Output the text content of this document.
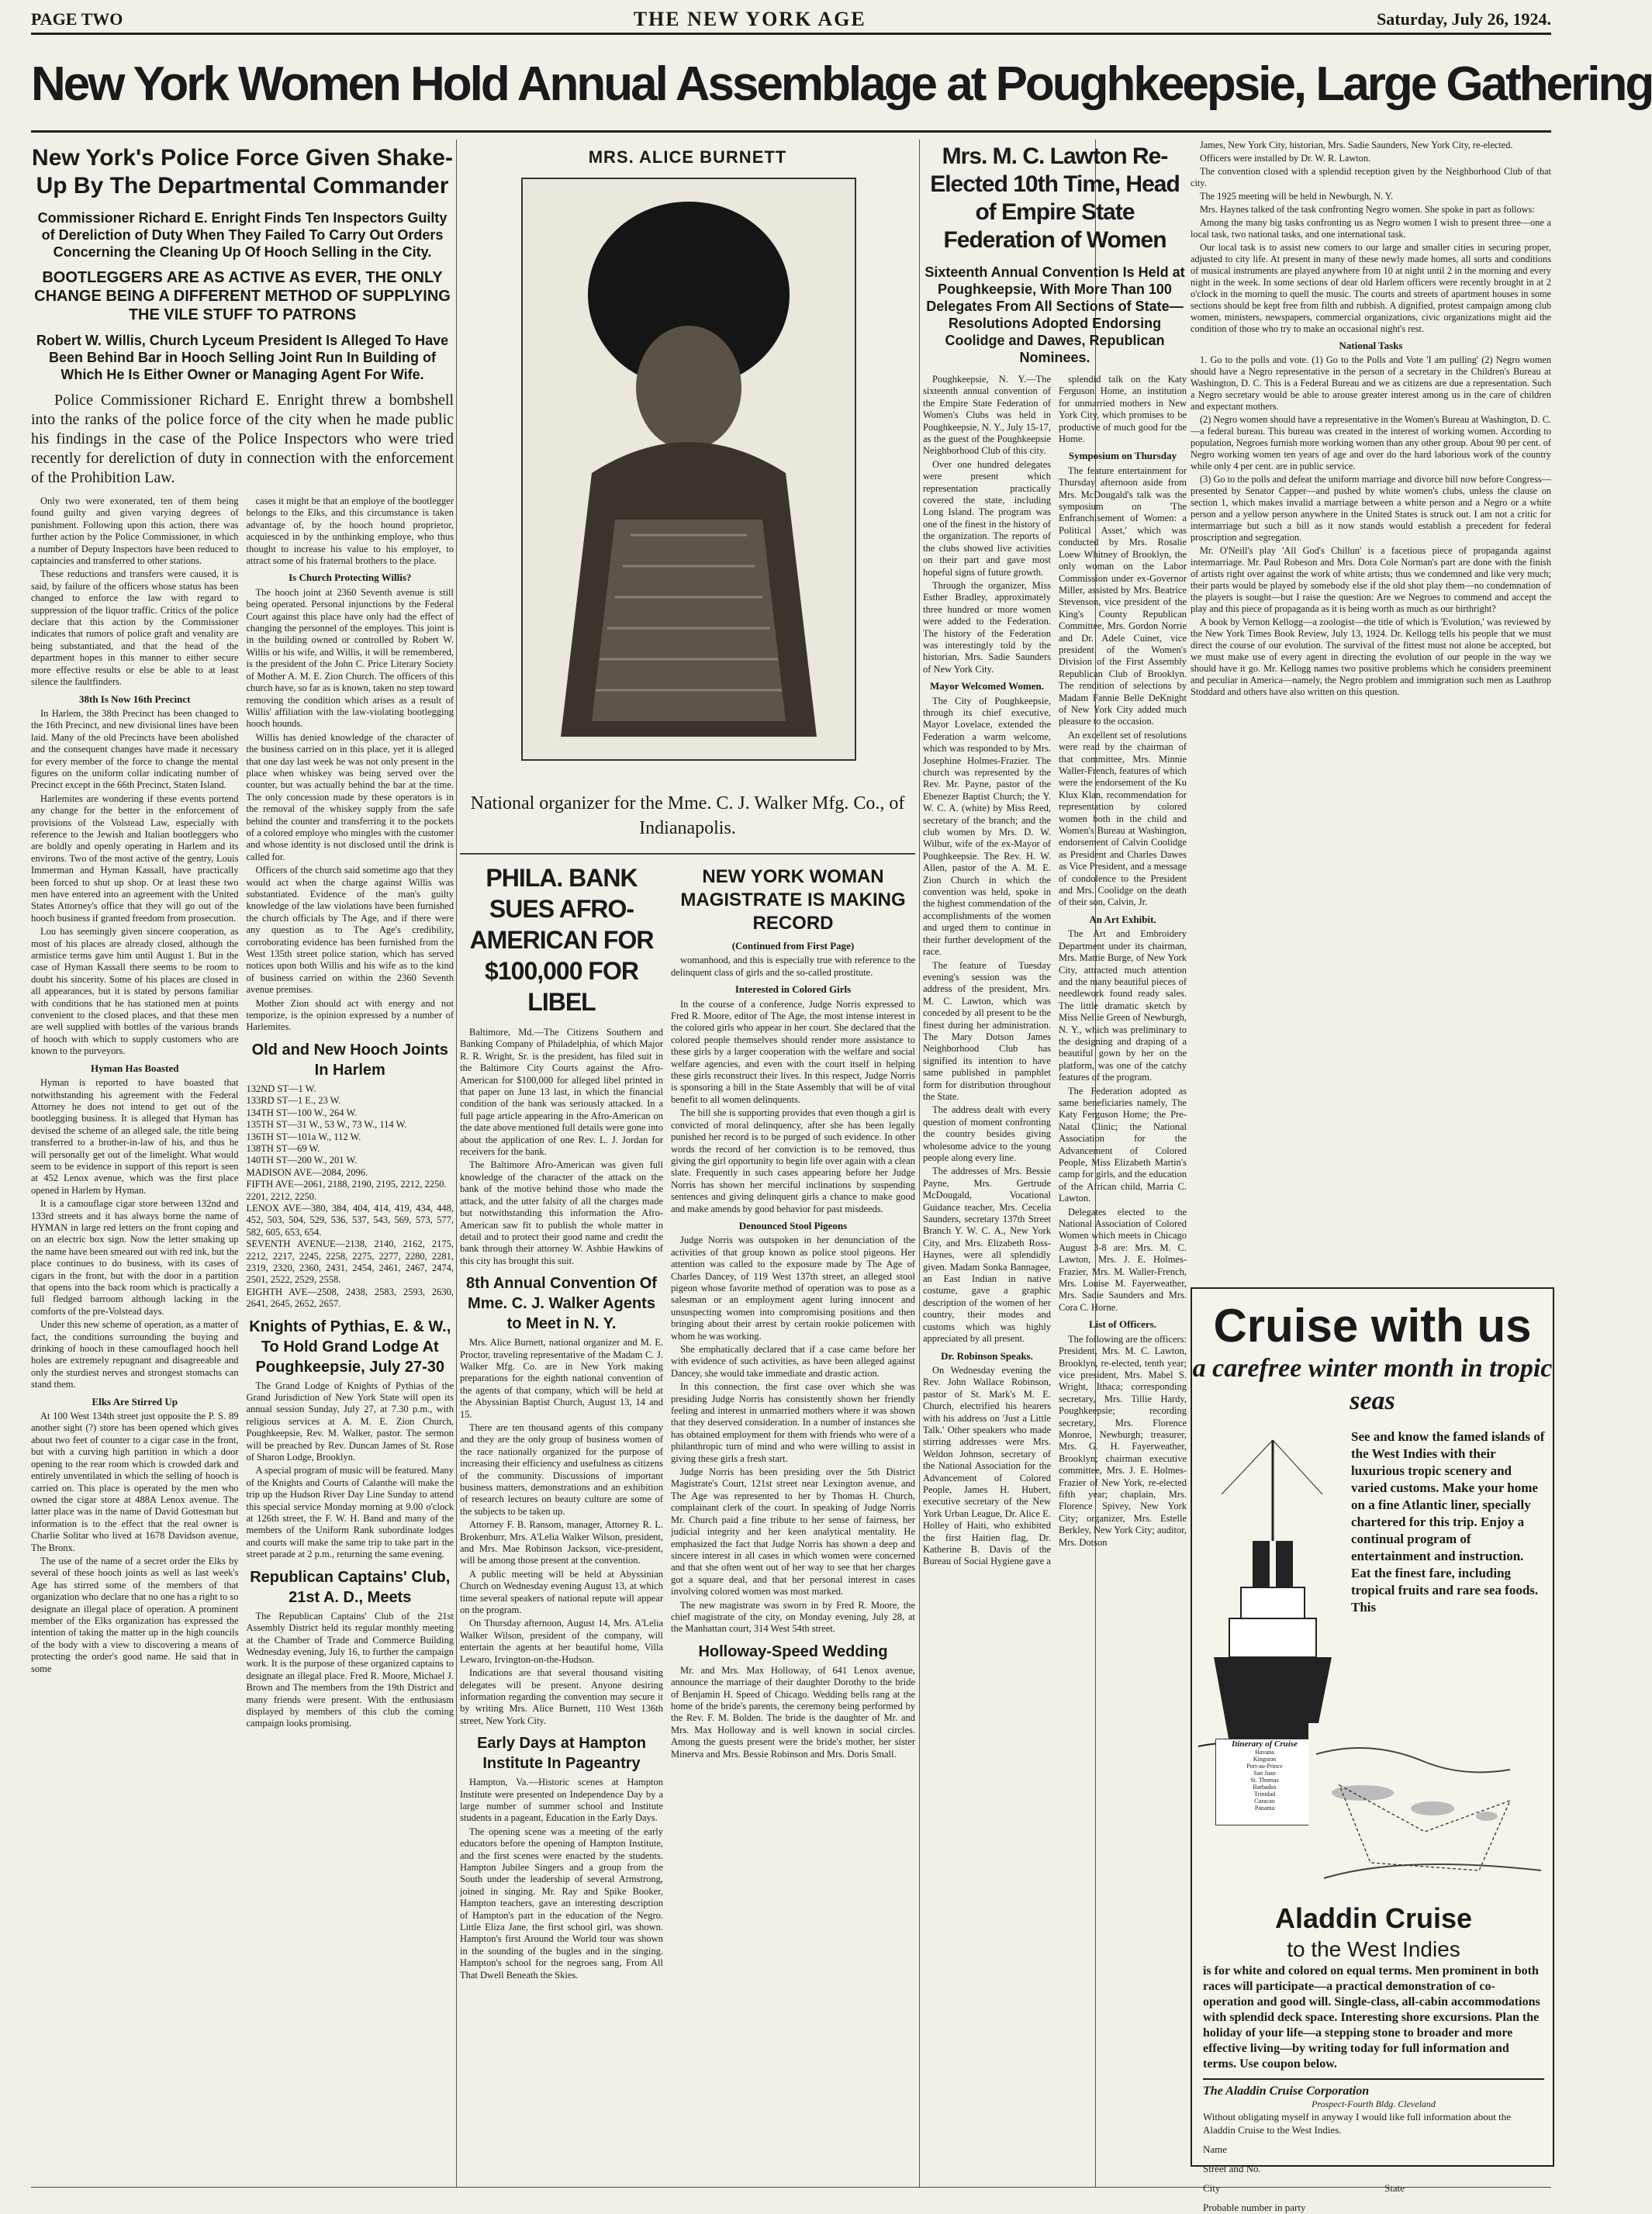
PAGE TWO	THE NEW YORK AGE	Saturday, July 26, 1924.
New York Women Hold Annual Assemblage at Poughkeepsie, Large Gathering
New York's Police Force Given Shake-Up By The Departmental Commander
Commissioner Richard E. Enright Finds Ten Inspectors Guilty of Dereliction of Duty When They Failed To Carry Out Orders Concerning the Cleaning Up Of Hooch Selling in the City.
BOOTLEGGERS ARE AS ACTIVE AS EVER, THE ONLY CHANGE BEING A DIFFERENT METHOD OF SUPPLYING THE VILE STUFF TO PATRONS
Robert W. Willis, Church Lyceum President Is Alleged To Have Been Behind Bar in Hooch Selling Joint Run In Building of Which He Is Either Owner or Managing Agent For Wife.
Police Commissioner Richard E. Enright threw a bombshell into the ranks of the police force of the city when he made public his findings in the case of the Police Inspectors who were tried recently for dereliction of duty in connection with the enforcement of the Prohibition Law.

Only two were exonerated, ten of them being found guilty and given varying degrees of punishment. Following upon this action, there was further action by the Police Commissioner, in which a number of Deputy Inspectors have been reduced to captaincies and transferred to other stations.

These reductions and transfers were caused, it is said, by failure of the officers whose status has been changed to enforce the law with regard to suppression of the liquor traffic. Critics of the police declare that this action by the Commissioner indicates that rumors of police graft and venality are being substantiated, and that the head of the department hopes in this manner to either secure more effective results or else be able to at least silence the faultfinders.

38th Is Now 16th Precinct

In Harlem, the 38th Precinct has been changed to the 16th Precinct, and new divisional lines have been laid. Many of the old Precincts have been abolished and the consequent changes have made it necessary for every member of the force to change the mental figures on the uniform collar indicating number of Precinct except in the 66th Precinct, Staten Island.

Harlemites are wondering if these events portend any change for the better in the enforcement of provisions of the Volstead Law, especially with reference to the Jewish and Italian bootleggers who are boldly and openly operating in Harlem and its environs. Two of the most active of the gentry, Louis Immerman and Hyman Kassall, have practically been forced to shut up shop. Or at least these two men have entered into an agreement with the United States Attorney's office that they will go out of the hooch business if granted freedom from prosecution.

Lou has seemingly given sincere cooperation, as most of his places are already closed, although the armistice terms gave him until August 1. But in the case of Hyman Kassall there seems to be room to doubt his sincerity. Some of his places are closed in all appearances, but it is stated by persons familiar with conditions that he has stationed men at points convenient to the closed places, and that these men are well supplied with bottles of the various brands of hooch with which to supply customers who are known to the purveyors.

Hyman Has Boasted

Hyman is reported to have boasted that notwithstanding his agreement with the Federal Attorney he does not intend to get out of the bootlegging business. It is alleged that Hyman has devised the scheme of an alleged sale, the title being transferred to a brother-in-law of his, and thus he will personally get out of the limelight. What would seem to be evidence in support of this report is seen at 452 Lenox avenue, which was the first place opened in Harlem by Hyman.

It is a camouflage cigar store between 132nd and 133rd streets and it has always borne the name of HYMAN in large red letters on the front coping and on an electric box sign. Now the letter smaking up the name have been smeared out with red ink, but the place continues to do business, with its cases of cigars in the front, but with the door in a partition that opens into the back room which is practically a full fledged barroom although lacking in the comforts of the pre-Volstead days.

Under this new scheme of operation, as a matter of fact, the conditions surrounding the buying and drinking of hooch in these camouflaged hooch hell holes are extremely repugnant and disagreeable and only the sturdiest nerves and strongest stomachs can stand them.

Elks Are Stirred Up

At 100 West 134th street just opposite the P. S. 89 another sight (?) store has been opened which gives about two feet of counter to a cigar case in the front, but with a curving high partition in which a door opening to the rear room which is crowded dark and entirely unventilated in which the selling of hooch is carried on. This place is operated by the men who owned the cigar store at 488A Lenox avenue. The latter place was in the name of David Gottesman but information is to the effect that the real owner is Charlie Solitar who lived at 1678 Davidson avenue, The Bronx.

The use of the name of a secret order the Elks by several of these hooch joints as well as last week's Age has stirred some of the members of that organization who declare that no one has a right to so designate an illegal place of operation. A prominent member of the Elks organization has expressed the intention of taking the matter up in the high councils of the body with a view to discovering a means of protecting the order's good name. He said that in some

cases it might be that an employe of the bootlegger belongs to the Elks, and this circumstance is taken advantage of, by the hooch hound proprietor, acquiesced in by the unthinking employe, who thus thought to increase his value to his employer, to attract some of his fraternal brothers to the place.

Is Church Protecting Willis?

The hooch joint at 2360 Seventh avenue is still being operated. Personal injunctions by the Federal Court against this place have only had the effect of changing the personnel of the employes. This joint is in the building owned or controlled by Robert W. Willis or his wife, and Willis, it will be remembered, is the president of the John C. Price Literary Society of Mother A. M. E. Zion Church. The officers of this church have, so far as is known, taken no step toward removing the condition which arises as a result of Willis' affiliation with the law-violating bootlegging hooch hounds.

Willis has denied knowledge of the character of the business carried on in this place, yet it is alleged that one day last week he was not only present in the place when whiskey was being served over the counter, but was actually behind the bar at the time. The only concession made by these operators is in the removal of the whiskey supply from the safe behind the counter and transferring it to the pockets of a colored employe who mingles with the customer and whose identity is not disclosed until the drink is called for.

Officers of the church said sometime ago that they would act when the charge against Willis was substantiated. Evidence of the man's guilty knowledge of the law violations have been furnished the church officials by The Age, and if there were any question as to The Age's credibility, corroborating evidence has been furnished from the West 135th street police station, which has served notices upon both Willis and his wife as to the kind of business carried on within the 2360 Seventh avenue premises.

Mother Zion should act with energy and not temporize, is the opinion expressed by a number of Harlemites.

Old and New Hooch Joints In Harlem
132ND ST—1 W.
133RD ST—1 E., 23 W.
134TH ST—100 W., 264 W.
135TH ST—31 W., 53 W., 73 W., 114 W.
136TH ST—101a W., 112 W.
138TH ST—69 W.
140TH ST—200 W., 201 W.
MADISON AVE—2084, 2096.
FIFTH AVE—2061, 2188, 2190, 2195, 2212, 2250.
2201, 2212, 2250.
LENOX AVE—380, 384, 404, 414, 419, 434, 448, 452, 503, 504, 529, 536, 537, 543, 569, 573, 577, 582, 605, 653, 654.
SEVENTH AVENUE—2138, 2140, 2162, 2175, 2212, 2217, 2245, 2258, 2275, 2277, 2280, 2281, 2319, 2320, 2360, 2431, 2454, 2461, 2467, 2474, 2501, 2522, 2529, 2558.
EIGHTH AVE—2508, 2438, 2583, 2593, 2630, 2641, 2645, 2652, 2657.
Knights of Pythias, E. & W., To Hold Grand Lodge At Poughkeepsie, July 27-30

The Grand Lodge of Knights of Pythias of the Grand Jurisdiction of New York State will open its annual session Sunday, July 27, at 7.30 p.m., with religious services at A. M. E. Zion Church, Poughkeepsie, Rev. M. Walker, pastor. The sermon will be preached by Rev. Duncan James of St. Rose of Sharon Lodge, Brooklyn.

A special program of music will be featured. Many of the Knights and Courts of Calanthe will make the trip up the Hudson River Day Line Sunday to attend this special service Monday morning at 9.00 o'clock at 126th street, the F. W. H. Band and many of the members of the Uniform Rank subordinate lodges and courts will make the same trip to take part in the street parade at 2 p.m., returning the same evening.

Republican Captains' Club, 21st A. D., Meets

The Republican Captains' Club of the 21st Assembly District held its regular monthly meeting at the Chamber of Trade and Commerce Building Wednesday evening, July 16, to further the campaign work. It is the purpose of these organized captains to designate an illegal place. Fred R. Moore, Michael J. Brown and The members from the 19th District and many friends were present. With the enthusiasm displayed by members of this club the coming campaign looks promising.

MRS. ALICE BURNETT
National organizer for the Mme. C. J. Walker Mfg. Co., of Indianapolis.
PHILA. BANK SUES AFRO-AMERICAN FOR $100,000 FOR LIBEL

Baltimore, Md.—The Citizens Southern and Banking Company of Philadelphia, of which Major R. R. Wright, Sr. is the president, has filed suit in the Baltimore City Courts against the Afro-American for $100,000 for alleged libel printed in that paper on June 13 last, in which the financial condition of the bank was seriously attacked. In a full page article appearing in the Afro-American on the date above mentioned full details were gone into about the application of one Rev. L. J. Jordan for receivers for the bank.

The Baltimore Afro-American was given full knowledge of the character of the attack on the bank of the motive behind those who made the attack, and the utter falsity of all the charges made but notwithstanding this information the Afro-American saw fit to publish the whole matter in detail and to protect their good name and credit the bank through their attorney W. Ashbie Hawkins of this city has brought this suit.

8th Annual Convention Of Mme. C. J. Walker Agents to Meet in N. Y.

Mrs. Alice Burnett, national organizer and M. E. Proctor, traveling representative of the Madam C. J. Walker Mfg. Co. are in New York making preparations for the eighth national convention of the agents of that company, which will be held at the Abyssinian Baptist Church, August 13, 14 and 15.

There are ten thousand agents of this company and they are the only group of business women of the race nationally organized for the purpose of increasing their efficiency and usefulness as citizens of the community. Discussions of important business matters, demonstrations and an exhibition of research lectures on beauty culture are some of the subjects to be taken up.

Attorney F. B. Ransom, manager, Attorney R. L. Brokenburr, Mrs. A'Lelia Walker Wilson, president, and Mrs. Mae Robinson Jackson, vice-president, will be among those present at the convention.

A public meeting will be held at Abyssinian Church on Wednesday evening August 13, at which time several speakers of national repute will appear on the program.

On Thursday afternoon, August 14, Mrs. A'Lelia Walker Wilson, president of the company, will entertain the agents at her beautiful home, Villa Lewaro, Irvington-on-the-Hudson.

Indications are that several thousand visiting delegates will be present. Anyone desiring information regarding the convention may secure it by writing Mrs. Alice Burnett, 110 West 136th street, New York City.

Early Days at Hampton Institute In Pageantry

Hampton, Va.—Historic scenes at Hampton Institute were presented on Independence Day by a large number of summer school and Institute students in a pageant, Education in the Early Days.

The opening scene was a meeting of the early educators before the opening of Hampton Institute, and the first scenes were enacted by the students. Hampton Jubilee Singers and a group from the South under the leadership of several Armstrong, joined in singing. Mr. Ray and Spike Booker, Hampton teachers, gave an interesting description of Hampton's part in the education of the Negro. Little Eliza Jane, the first school girl, was shown. Hampton's first Around the World tour was shown in the sounding of the bugles and in the singing. Hampton's school for the negroes sang, From All That Dwell Beneath the Skies.

NEW YORK WOMAN MAGISTRATE IS MAKING RECORD
(Continued from First Page)

womanhood, and this is especially true with reference to the delinquent class of girls and the so-called prostitute.

Interested in Colored Girls

In the course of a conference, Judge Norris expressed to Fred R. Moore, editor of The Age, the most intense interest in the colored girls who appear in her court. She declared that the colored people themselves should render more assistance to these girls by a larger cooperation with the welfare and social welfare agencies, and even with the court itself in helping these girls reconstruct their lives. In this respect, Judge Norris is sponsoring a bill in the State Assembly that will be of vital benefit to all women delinquents.

The bill she is supporting provides that even though a girl is convicted of moral delinquency, after she has been legally punished her record is to be purged of such evidence. In other words the record of her conviction is to be removed, thus giving the girl opportunity to begin life over again with a clean slate. Frequently in such cases appearing before her Judge Norris has shown her merciful inclinations by suspending sentences and giving delinquent girls a chance to make good and make amends by good behavior for past misdeeds.

Denounced Stool Pigeons

Judge Norris was outspoken in her denunciation of the activities of that group known as police stool pigeons. Her attention was called to the exposure made by The Age of Charles Dancey, of 119 West 137th street, an alleged stool pigeon whose favorite method of operation was to pose as a salesman or an employment agent luring innocent and unsuspecting women into compromising positions and then bringing about their arrest by certain rookie policemen with whom he was working.

She emphatically declared that if a case came before her with evidence of such activities, as have been alleged against Dancey, she would take immediate and drastic action.

In this connection, the first case over which she was presiding Judge Norris has consistently shown her friendly feeling and interest in unmarried mothers where it was shown that they deserved consideration. In a number of instances she has obtained employment for them with friends who were of a philanthropic turn of mind and who were willing to assist in giving these girls a fresh start.

Judge Norris has been presiding over the 5th District Magistrate's Court, 121st street near Lexington avenue, and The Age was represented to her by Thomas H. Church, complainant clerk of the court. In speaking of Judge Norris Mr. Church paid a fine tribute to her sense of fairness, her judicial integrity and her keen analytical mentality. He emphasized the fact that Judge Norris has shown a deep and sincere interest in all cases in which women were concerned and that she often went out of her way to see that her charges got a square deal, and that her personal interest in cases involving colored women was most marked.

The new magistrate was sworn in by Fred R. Moore, the chief magistrate of the city, on Monday evening, July 28, at the Manhattan court, 314 West 54th street.

Holloway-Speed Wedding

Mr. and Mrs. Max Holloway, of 641 Lenox avenue, announce the marriage of their daughter Dorothy to the bride of Benjamin H. Speed of Chicago. Wedding bells rang at the home of the bride's parents, the ceremony being performed by the Rev. F. M. Bolden. The bride is the daughter of Mr. and Mrs. Max Holloway and is well known in social circles. Among the guests present were the bride's mother, her sister Minerva and Mrs. Bessie Robinson and Mrs. Doris Small.

Mrs. M. C. Lawton Re-Elected 10th Time, Head of Empire State Federation of Women
Sixteenth Annual Convention Is Held at Poughkeepsie, With More Than 100 Delegates From All Sections of State—Resolutions Adopted Endorsing Coolidge and Dawes, Republican Nominees.

Poughkeepsie, N. Y.—The sixteenth annual convention of the Empire State Federation of Women's Clubs was held in Poughkeepsie, N. Y., July 15-17, as the guest of the Poughkeepsie Neighborhood Club of this city.

Over one hundred delegates were present which representation practically covered the state, including Long Island. The program was one of the finest in the history of the organization. The reports of the clubs showed live activities on their part and gave most hopeful signs of future growth.

Through the organizer, Miss Esther Bradley, approximately three hundred or more women were added to the Federation. The history of the Federation was interestingly told by the historian, Mrs. Sadie Saunders of New York City.

Mayor Welcomed Women.

The City of Poughkeepsie, through its chief executive, Mayor Lovelace, extended the Federation a warm welcome, which was responded to by Mrs. Josephine Holmes-Frazier. The church was represented by the Rev. Mr. Payne, pastor of the Ebenezer Baptist Church; the Y. W. C. A. (white) by Miss Reed, secretary of the branch; and the club women by Mrs. D. W. Wilbur, wife of the ex-Mayor of Poughkeepsie. The Rev. H. W. Allen, pastor of the A. M. E. Zion Church in which the convention was held, spoke in the highest commendation of the accomplishments of the women and urged them to continue in their further development of the race.

The feature of Tuesday evening's session was the address of the president, Mrs. M. C. Lawton, which was conceded by all present to be the finest during her administration. The Mary Dotson James Neighborhood Club has signified its intention to have same published in pamphlet form for distribution throughout the State.

The address dealt with every question of moment confronting the country besides giving wholesome advice to the young people along every line.

The addresses of Mrs. Bessie Payne, Mrs. Gertrude McDougald, Vocational Guidance teacher, Mrs. Cecelia Saunders, secretary 137th Street Branch Y. W. C. A., New York City, and Mrs. Elizabeth Ross-Haynes, were all splendidly given. Madam Sonka Bannagee, an East Indian in native costume, gave a graphic description of the women of her country, their modes and customs which was highly appreciated by all present.

Dr. Robinson Speaks.

On Wednesday evening the Rev. John Wallace Robinson, pastor of St. Mark's M. E. Church, electrified his hearers with his address on 'Just a Little Talk.' Other speakers who made stirring addresses were Mrs. Weldon Johnson, secretary of the National Association for the Advancement of Colored People, James H. Hubert, executive secretary of the New York Urban League, Dr. Alice E. Holley of Haiti, who exhibited the first Haitien flag, Dr. Katherine B. Davis of the Bureau of Social Hygiene gave a

splendid talk on the Katy Ferguson Home, an institution for unmarried mothers in New York City, which promises to be productive of much good for the Home.

Symposium on Thursday

The feature entertainment for Thursday afternoon aside from Mrs. McDougald's talk was the symposium on 'The Enfranchisement of Women: a Political Asset,' which was conducted by Mrs. Rosalie Loew Whitney of Brooklyn, the only woman on the Labor Commission under ex-Governor Miller, assisted by Mrs. Beatrice Stevenson, vice president of the King's County Republican Committee, Mrs. Gordon Norrie and Dr. Adele Cuinet, vice president of the Women's Division of the First Assembly Republican Club of Brooklyn. The rendition of selections by Madam Fannie Belle DeKnight of New York City added much pleasure to the occasion.

An excellent set of resolutions were read by the chairman of that committee, Mrs. Minnie Waller-French, features of which were the endorsement of the Ku Klux Klan, recommendation for representation by colored women both in the child and Women's Bureau at Washington, endorsement of Calvin Coolidge as President and Charles Dawes as Vice President, and a message of condolence to the President and Mrs. Coolidge on the death of their son, Calvin, Jr.

An Art Exhibit.

The Art and Embroidery Department under its chairman, Mrs. Mattie Burge, of New York City, attracted much attention and the many beautiful pieces of needlework found ready sales. The little dramatic sketch by Miss Nellie Green of Newburgh, N. Y., which was preliminary to the designing and draping of a beautiful gown by her on the platform, was one of the catchy features of the program.

The Federation adopted as same beneficiaries namely, The Katy Ferguson Home; the Pre-Natal Clinic; the National Association for the Advancement of Colored People, Miss Elizabeth Martin's camp for girls, and the education of the African child, Marria C. Lawton.

Delegates elected to the National Association of Colored Women which meets in Chicago August 3-8 are: Mrs. M. C. Lawton, Mrs. J. E. Holmes-Frazier, Mrs. M. Waller-French, Mrs. Louise M. Fayerweather, Mrs. Sadie Saunders and Mrs. Cora C. Horne.

List of Officers.

The following are the officers: President, Mrs. M. C. Lawton, Brooklyn, re-elected, tenth year; vice president, Mrs. Mabel S. Wright, Ithaca; corresponding secretary, Mrs. Tillie Hardy, Poughkeepsie; recording secretary, Mrs. Florence Monroe, Newburgh; treasurer, Mrs. G. H. Fayerweather, Brooklyn; chairman executive committee, Mrs. J. E. Holmes-Frazier of New York, re-elected fifth year; chaplain, Mrs. Florence Spivey, New York City; organizer, Mrs. Estelle Berkley, New York City; auditor, Mrs. Dotson

James, New York City, historian, Mrs. Sadie Saunders, New York City, re-elected.

Officers were installed by Dr. W. R. Lawton.

The convention closed with a splendid reception given by the Neighborhood Club of that city.

The 1925 meeting will be held in Newburgh, N. Y.

Mrs. Haynes talked of the task confronting Negro women. She spoke in part as follows:

Among the many big tasks confronting us as Negro women I wish to present three—one a local task, two national tasks, and one international task.

Our local task is to assist new comers to our large and smaller cities in securing proper, adjusted to city life. At present in many of these newly made homes, all sorts and conditions of musical instruments are played anywhere from 10 at night until 2 in the morning and every night in the week. In some sections of dear old Harlem officers were recently brought in at 2 o'clock in the morning to quell the music. The courts and streets of apartment houses in some sections should be kept free from filth and rubbish. A dignified, protest campaign among club women, ministers, newspapers, commercial organizations, civic organizations might aid the condition of those who try to make an occasional night's rest.

National Tasks

1. Go to the polls and vote. (1) Go to the Polls and Vote 'I am pulling' (2) Negro women should have a Negro representative in the person of a secretary in the Children's Bureau at Washington, D. C. This is a Federal Bureau and we as citizens are due a representation. Such a Negro secretary would be able to arouse greater interest among us in the care of children and expectant mothers.

(2) Negro women should have a representative in the Women's Bureau at Washington, D. C.—a federal bureau. This bureau was created in the interest of working women. According to population, Negroes furnish more working women than any other group. About 90 per cent. of Negro working women ten years of age and over do the hard laborious work of the country while only 4 per cent. are in public service.

(3) Go to the polls and defeat the uniform marriage and divorce bill now before Congress—presented by Senator Capper—and pushed by white women's clubs, unless the clause on section 1, which makes invalid a marriage between a white person and a Negro or a white person and a yellow person anywhere in the United States is struck out. I am not a critic for intermarriage but such a bill as it now stands would establish a precedent for federal proscription and segregation.

Mr. O'Neill's play 'All God's Chillun' is a facetious piece of propaganda against intermarriage. Mr. Paul Robeson and Mrs. Dora Cole Norman's part are done with the finish of artists right over against the work of white artists; thus we condemned and like very much; their parts would be played by somebody else if the old shot play them—no condemnation of the players is sought—but I raise the question: Are we Negroes to commend and accept the play and this piece of propaganda as it is being worth as much as our birthright?

A book by Vernon Kellogg—a zoologist—the title of which is 'Evolution,' was reviewed by the New York Times Book Review, July 13, 1924. Dr. Kellogg tells his people that we must direct the course of our evolution. The survival of the fittest must not alone be accepted, but we must make use of every agent in directing the evolution of our people in the way we should have it go. Mr. Kellogg names two positive problems which he considers preeminent and peculiar in America—namely, the Negro problem and immigration such men as Lauthrop Stoddard and others have also written on this question.

Cruise with us
a carefree winter month in tropic seas
See and know the famed islands of the West Indies with their luxurious tropic scenery and varied customs. Make your home on a fine Atlantic liner, specially chartered for this trip. Enjoy a continual program of entertainment and instruction. Eat the finest fare, including tropical fruits and rare sea foods. This
Itinerary of Cruise
Havana
Kingston
Port-au-Prince
San Juan
St. Thomas
Barbados
Trinidad
Curacao
Panama
Aladdin Cruise
to the West Indies
is for white and colored on equal terms. Men prominent in both races will participate—a practical demonstration of co-operation and good will. Single-class, all-cabin accommodations with splendid deck space. Interesting shore excursions. Plan the holiday of your life—a stepping stone to broader and more effective living—by writing today for full information and terms. Use coupon below.
The Aladdin Cruise Corporation
Prospect-Fourth Bldg. Cleveland
Without obligating myself in anyway I would like full information about the Aladdin Cruise to the West Indies.
Name
Street and No.
City	State
Probable number in party
